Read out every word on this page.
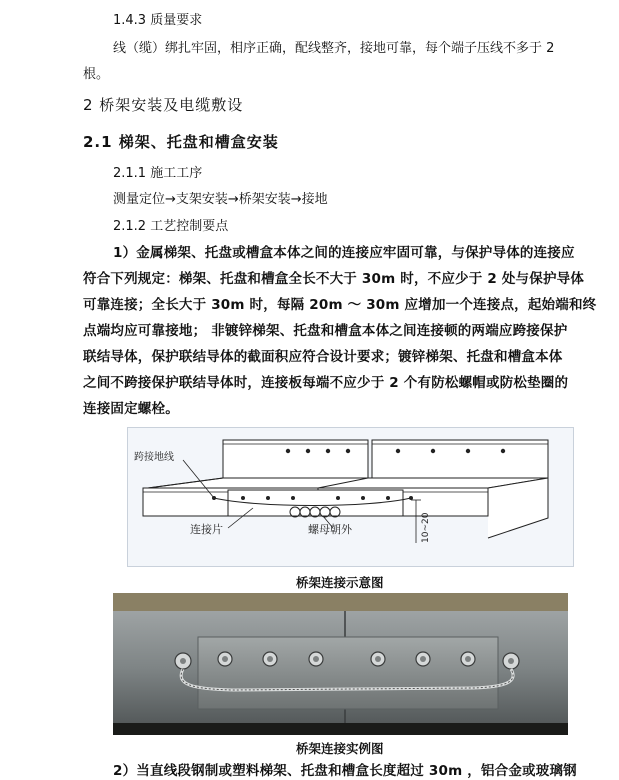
1.4.3 质量要求
线（缆）绑扎牢固，相序正确，配线整齐，接地可靠，每个端子压线不多于 2
根。
2 桥架安装及电缆敷设
2.1 梯架、托盘和槽盒安装
2.1.1 施工工序
测量定位→支架安装→桥架安装→接地
2.1.2 工艺控制要点
1）金属梯架、托盘或槽盒本体之间的连接应牢固可靠，与保护导体的连接应
符合下列规定：梯架、托盘和槽盒全长不大于 30m 时，不应少于 2 处与保护导体
可靠连接；全长大于 30m 时，每隔 20m ～ 30m 应增加一个连接点，起始端和终
点端均应可靠接地； 非镀锌梯架、托盘和槽盒本体之间连接顿的两端应跨接保护
联结导体，保护联结导体的截面积应符合设计要求；镀锌梯架、托盘和槽盒本体
之间不跨接保护联结导体时，连接板每端不应少于 2 个有防松螺帽或防松垫圈的
连接固定螺栓。
跨接地线
连接片	螺母朝外	10~20
桥架连接示意图
桥架连接实例图
2）当直线段钢制或塑料梯架、托盘和槽盒长度超过 30m ，铝合金或玻璃钢
